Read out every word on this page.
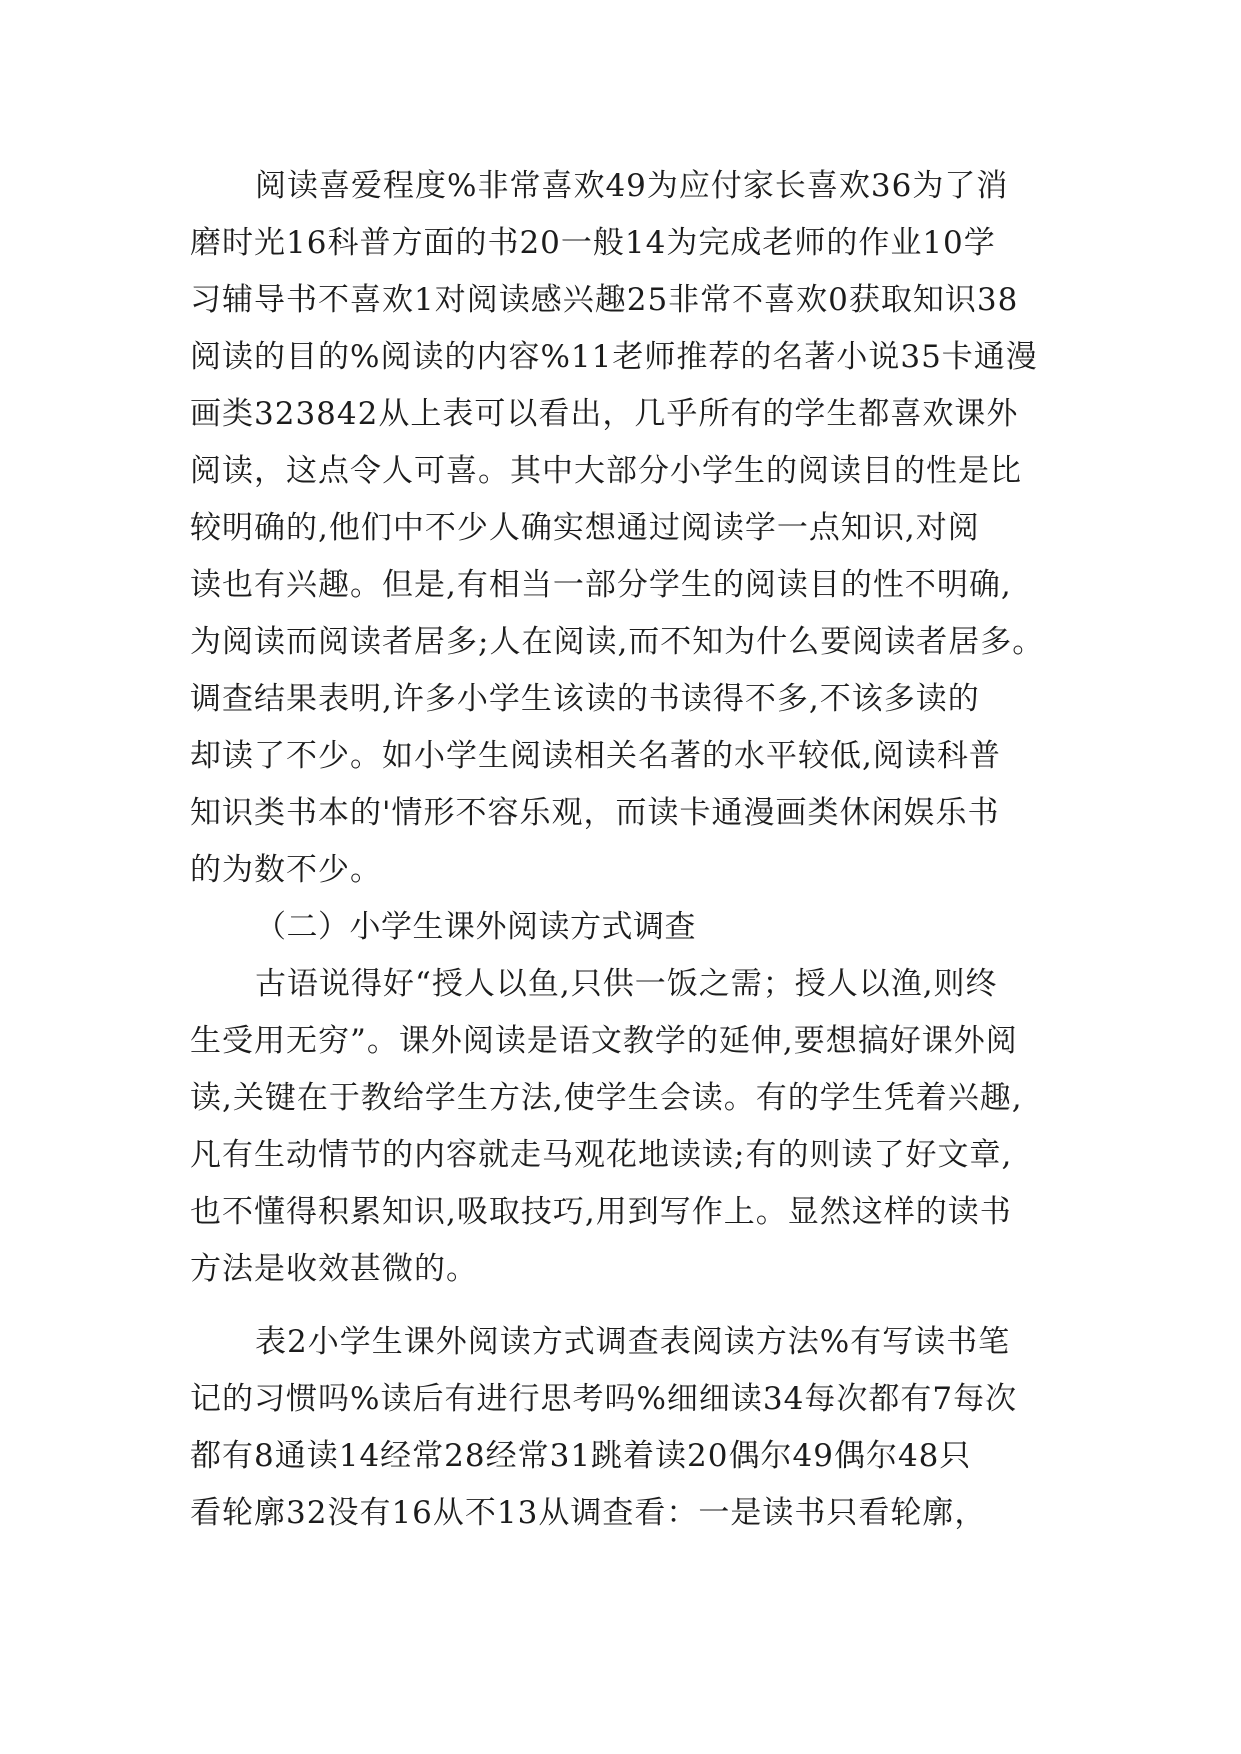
阅读喜爱程度%非常喜欢49为应付家长喜欢36为了消
磨时光16科普方面的书20一般14为完成老师的作业10学
习辅导书不喜欢1对阅读感兴趣25非常不喜欢0获取知识38
阅读的目的%阅读的内容%11老师推荐的名著小说35卡通漫
画类323842从上表可以看出，几乎所有的学生都喜欢课外
阅读，这点令人可喜。其中大部分小学生的阅读目的性是比
较明确的,他们中不少人确实想通过阅读学一点知识,对阅
读也有兴趣。但是,有相当一部分学生的阅读目的性不明确,
为阅读而阅读者居多;人在阅读,而不知为什么要阅读者居多。
调查结果表明,许多小学生该读的书读得不多,不该多读的
却读了不少。如小学生阅读相关名著的水平较低,阅读科普
知识类书本的'情形不容乐观，而读卡通漫画类休闲娱乐书
的为数不少。
（二）小学生课外阅读方式调查
古语说得好“授人以鱼,只供一饭之需；授人以渔,则终
生受用无穷”。课外阅读是语文教学的延伸,要想搞好课外阅
读,关键在于教给学生方法,使学生会读。有的学生凭着兴趣,
凡有生动情节的内容就走马观花地读读;有的则读了好文章,
也不懂得积累知识,吸取技巧,用到写作上。显然这样的读书
方法是收效甚微的。
表2小学生课外阅读方式调查表阅读方法%有写读书笔
记的习惯吗%读后有进行思考吗%细细读34每次都有7每次
都有8通读14经常28经常31跳着读20偶尔49偶尔48只
看轮廓32没有16从不13从调查看：一是读书只看轮廓，
